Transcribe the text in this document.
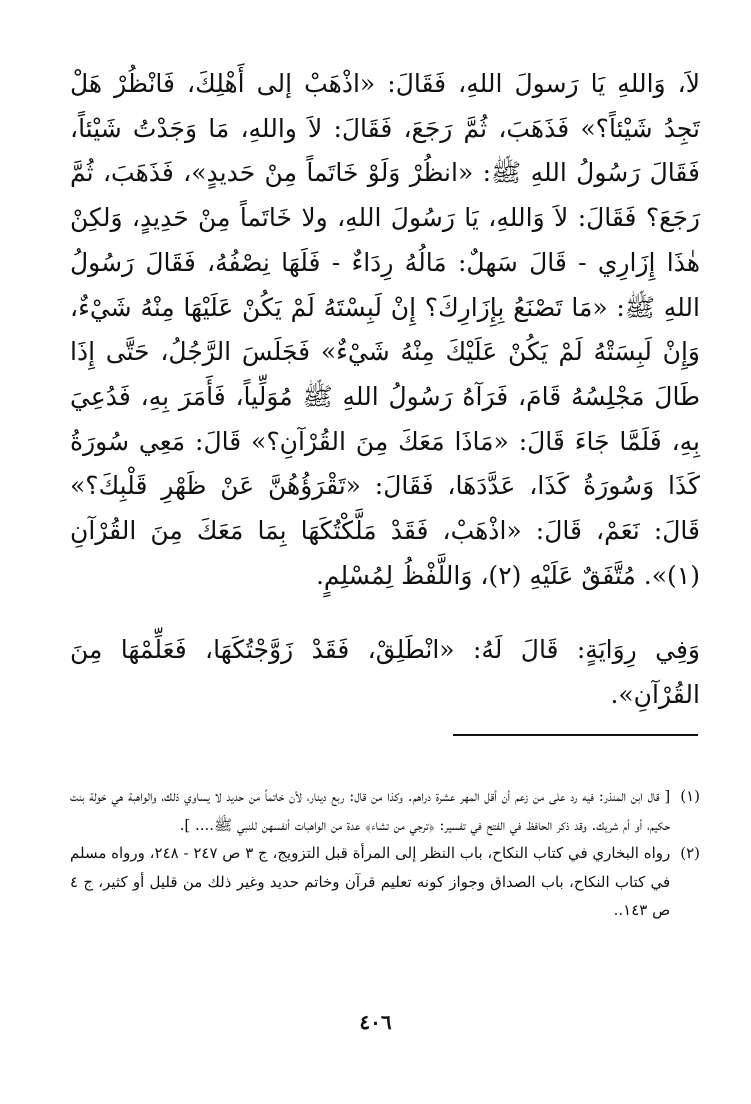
لاَ، وَاللهِ يَا رَسولَ اللهِ، فَقَالَ: «اذْهَبْ إلى أَهْلِكَ، فَانْظُرْ هَلْ تَجِدُ شَيْئاً؟» فَذَهَبَ، ثُمَّ رَجَعَ، فَقَالَ: لاَ واللهِ، مَا وَجَدْتُ شَيْئاً، فَقَالَ رَسُولُ اللهِ ﷺ: «انظُرْ وَلَوْ خَاتَماً مِنْ حَديدٍ»، فَذَهَبَ، ثُمَّ رَجَعَ؟ فَقَالَ: لاَ وَاللهِ، يَا رَسُولَ اللهِ، ولا خَاتَماً مِنْ حَدِيدٍ، وَلكِنْ هٰذَا إِزَارِي - قَالَ سَهلٌ: مَالُهُ رِدَاءٌ - فَلَهَا نِصْفُهُ، فَقَالَ رَسُولُ اللهِ ﷺ: «مَا تَصْنَعُ بِإِزَارِكَ؟ إِنْ لَبِسْتَهُ لَمْ يَكُنْ عَلَيْهَا مِنْهُ شَيْءٌ، وَإِنْ لَبِسَتْهُ لَمْ يَكُنْ عَلَيْكَ مِنْهُ شَيْءٌ» فَجَلَسَ الرَّجُلُ، حَتَّى إِذَا طَالَ مَجْلِسُهُ قَامَ، فَرَآهُ رَسُولُ اللهِ ﷺ مُوَلِّياً، فَأَمَرَ بِهِ، فَدُعِيَ بِهِ، فَلَمَّا جَاءَ قَالَ: «مَاذَا مَعَكَ مِنَ القُرْآنِ؟» قَالَ: مَعِي سُورَةُ كَذَا وَسُورَةُ كَذَا، عَدَّدَهَا، فَقَالَ: «تَقْرَؤُهُنَّ عَنْ ظَهْرِ قَلْبِكَ؟» قَالَ: نَعَمْ، قَالَ: «اذْهَبْ، فَقَدْ مَلَّكْتُكَهَا بِمَا مَعَكَ مِنَ القُرْآنِ (١)». مُتَّفَقٌ عَلَيْهِ (٢)، وَاللَّفْظُ لِمُسْلِمٍ.

وَفِي رِوَايَةٍ: قَالَ لَهُ: «انْطَلِقْ، فَقَدْ زَوَّجْتُكَهَا، فَعَلِّمْهَا مِنَ القُرْآنِ».

(١)
[ قال ابن المنذر: فيه رد على من زعم أن أقل المهر عشرة دراهم. وكذا من قال: ربع دينار، لأن خاتماً من حديد لا يساوي ذلك، والواهبة هي خولة بنت حكيم، أو أم شريك. وقد ذكر الحافظ في الفتح في تفسير: ﴿ترجي من تشاء﴾ عدة من الواهبات أنفسهن للنبي ﷺ.... ].
(٢)
رواه البخاري في كتاب النكاح، باب النظر إلى المرأة قبل التزويج، ج ٣ ص ٢٤٧ - ٢٤٨، ورواه مسلم في كتاب النكاح، باب الصداق وجواز كونه تعليم قرآن وخاتم حديد وغير ذلك من قليل أو كثير، ج ٤ ص ١٤٣..
٤٠٦
